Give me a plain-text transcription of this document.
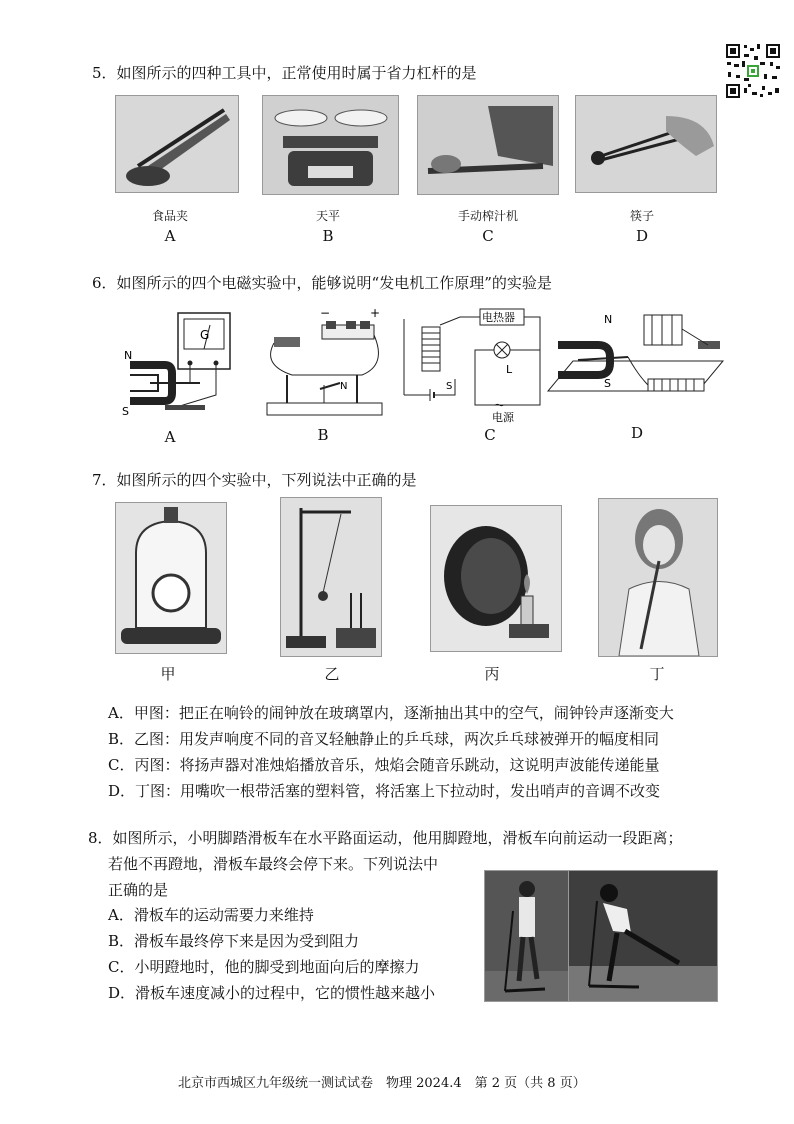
5．如图所示的四种工具中，正常使用时属于省力杠杆的是
食品夹	天平	手动榨汁机	筷子
A	B	C	D
6．如图所示的四个电磁实验中，能够说明“发电机工作原理”的实验是
G
N
S
−	+
N
电热器
L
S
～
电源
N
S
A	B	C	D
7．如图所示的四个实验中，下列说法中正确的是
甲	乙	丙	丁
A．甲图：把正在响铃的闹钟放在玻璃罩内，逐渐抽出其中的空气，闹钟铃声逐渐变大
B．乙图：用发声响度不同的音叉轻触静止的乒乓球，两次乒乓球被弹开的幅度相同
C．丙图：将扬声器对准烛焰播放音乐，烛焰会随音乐跳动，这说明声波能传递能量
D．丁图：用嘴吹一根带活塞的塑料管，将活塞上下拉动时，发出哨声的音调不改变
8．如图所示，小明脚踏滑板车在水平路面运动，他用脚蹬地，滑板车向前运动一段距离；
若他不再蹬地，滑板车最终会停下来。下列说法中
正确的是
A．滑板车的运动需要力来维持
B．滑板车最终停下来是因为受到阻力
C．小明蹬地时，他的脚受到地面向后的摩擦力
D．滑板车速度减小的过程中，它的惯性越来越小
北京市西城区九年级统一测试试卷　物理 2024.4　第 2 页（共 8 页）
